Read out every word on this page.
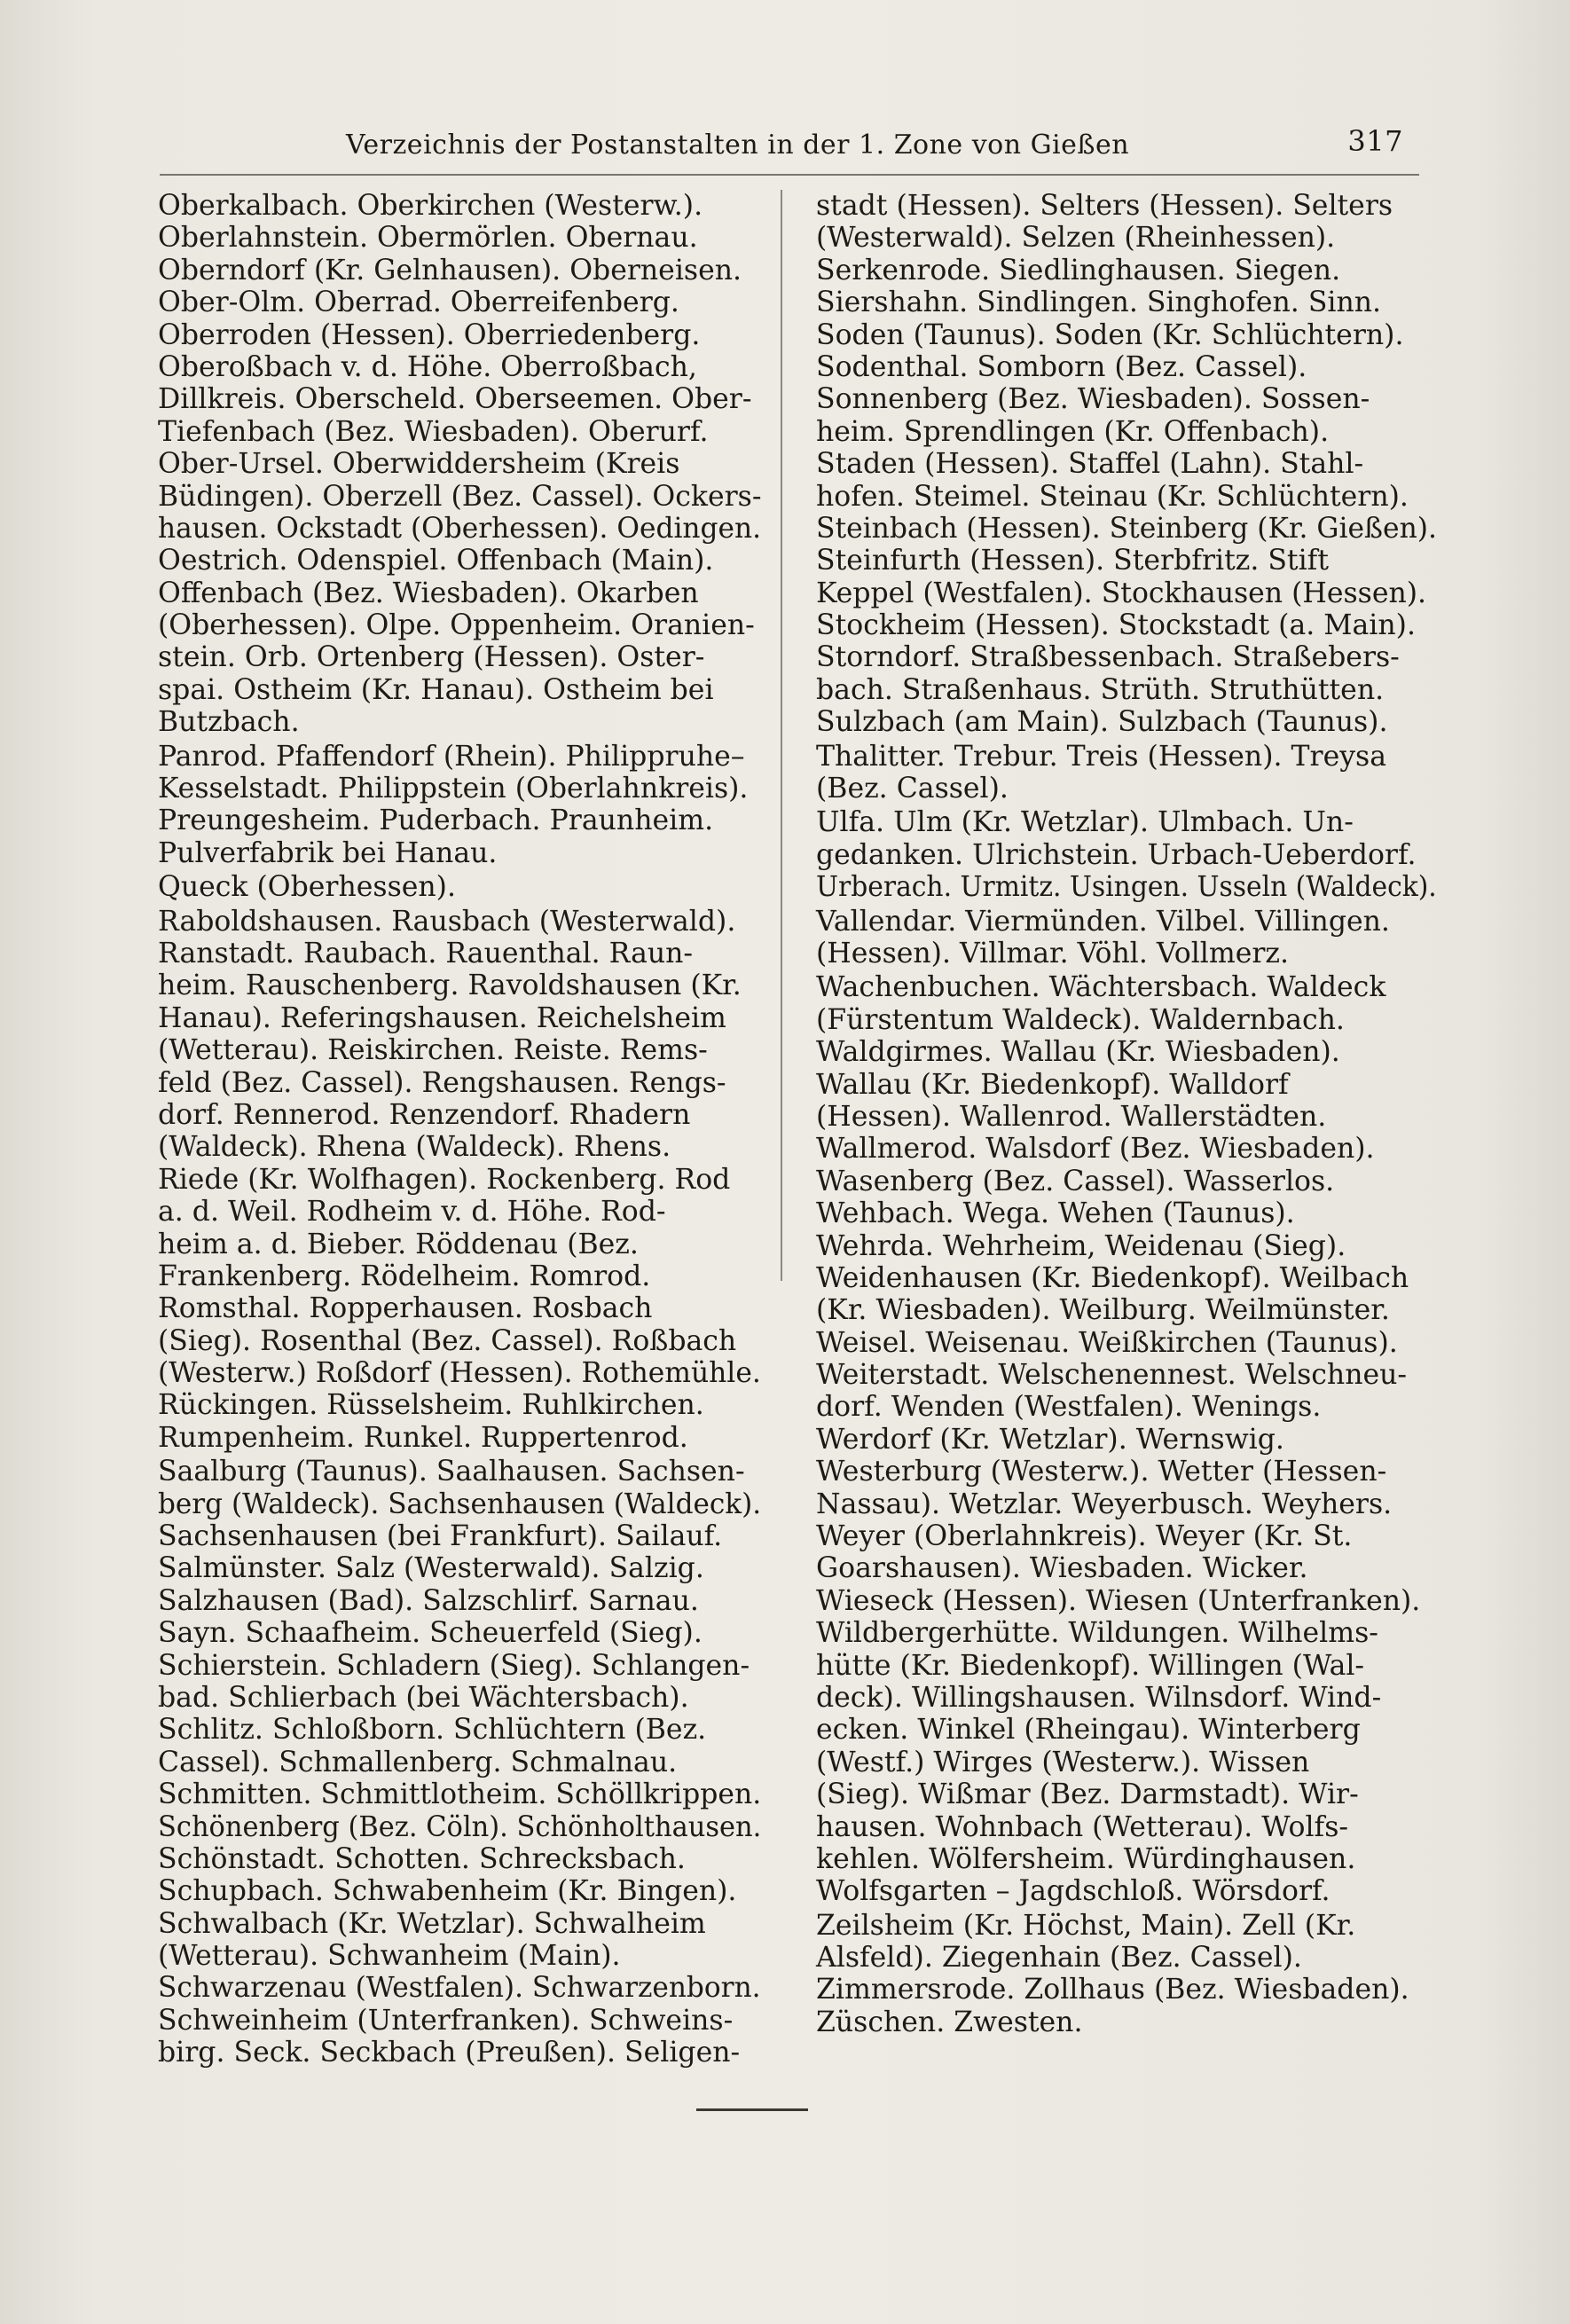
Verzeichnis der Postanstalten in der 1. Zone von Gießen	317
Oberkalbach. Oberkirchen (Westerw.).
Oberlahnstein. Obermörlen. Obernau.
Oberndorf (Kr. Gelnhausen). Oberneisen.
Ober-Olm. Oberrad. Oberreifenberg.
Oberroden (Hessen). Oberriedenberg.
Oberoßbach v. d. Höhe. Oberroßbach,
Dillkreis. Oberscheld. Oberseemen. Ober-
Tiefenbach (Bez. Wiesbaden). Oberurf.
Ober-Ursel. Oberwiddersheim (Kreis
Büdingen). Oberzell (Bez. Cassel). Ockers-
hausen. Ockstadt (Oberhessen). Oedingen.
Oestrich. Odenspiel. Offenbach (Main).
Offenbach (Bez. Wiesbaden). Okarben
(Oberhessen). Olpe. Oppenheim. Oranien-
stein. Orb. Ortenberg (Hessen). Oster-
spai. Ostheim (Kr. Hanau). Ostheim bei
Butzbach.
Panrod. Pfaffendorf (Rhein). Philippruhe–
Kesselstadt. Philippstein (Oberlahnkreis).
Preungesheim. Puderbach. Praunheim.
Pulverfabrik bei Hanau.
Queck (Oberhessen).
Raboldshausen. Rausbach (Westerwald).
Ranstadt. Raubach. Rauenthal. Raun-
heim. Rauschenberg. Ravoldshausen (Kr.
Hanau). Referingshausen. Reichelsheim
(Wetterau). Reiskirchen. Reiste. Rems-
feld (Bez. Cassel). Rengshausen. Rengs-
dorf. Rennerod. Renzendorf. Rhadern
(Waldeck). Rhena (Waldeck). Rhens.
Riede (Kr. Wolfhagen). Rockenberg. Rod
a. d. Weil. Rodheim v. d. Höhe. Rod-
heim a. d. Bieber. Röddenau (Bez.
Frankenberg. Rödelheim. Romrod.
Romsthal. Ropperhausen. Rosbach
(Sieg). Rosenthal (Bez. Cassel). Roßbach
(Westerw.) Roßdorf (Hessen). Rothemühle.
Rückingen. Rüsselsheim. Ruhlkirchen.
Rumpenheim. Runkel. Ruppertenrod.
Saalburg (Taunus). Saalhausen. Sachsen-
berg (Waldeck). Sachsenhausen (Waldeck).
Sachsenhausen (bei Frankfurt). Sailauf.
Salmünster. Salz (Westerwald). Salzig.
Salzhausen (Bad). Salzschlirf. Sarnau.
Sayn. Schaafheim. Scheuerfeld (Sieg).
Schierstein. Schladern (Sieg). Schlangen-
bad. Schlierbach (bei Wächtersbach).
Schlitz. Schloßborn. Schlüchtern (Bez.
Cassel). Schmallenberg. Schmalnau.
Schmitten. Schmittlotheim. Schöllkrippen.
Schönenberg (Bez. Cöln). Schönholthausen.
Schönstadt. Schotten. Schrecksbach.
Schupbach. Schwabenheim (Kr. Bingen).
Schwalbach (Kr. Wetzlar). Schwalheim
(Wetterau). Schwanheim (Main).
Schwarzenau (Westfalen). Schwarzenborn.
Schweinheim (Unterfranken). Schweins-
birg. Seck. Seckbach (Preußen). Seligen-
stadt (Hessen). Selters (Hessen). Selters
(Westerwald). Selzen (Rheinhessen).
Serkenrode. Siedlinghausen. Siegen.
Siershahn. Sindlingen. Singhofen. Sinn.
Soden (Taunus). Soden (Kr. Schlüchtern).
Sodenthal. Somborn (Bez. Cassel).
Sonnenberg (Bez. Wiesbaden). Sossen-
heim. Sprendlingen (Kr. Offenbach).
Staden (Hessen). Staffel (Lahn). Stahl-
hofen. Steimel. Steinau (Kr. Schlüchtern).
Steinbach (Hessen). Steinberg (Kr. Gießen).
Steinfurth (Hessen). Sterbfritz. Stift
Keppel (Westfalen). Stockhausen (Hessen).
Stockheim (Hessen). Stockstadt (a. Main).
Storndorf. Straßbessenbach. Straßebers-
bach. Straßenhaus. Strüth. Struthütten.
Sulzbach (am Main). Sulzbach (Taunus).
Thalitter. Trebur. Treis (Hessen). Treysa
(Bez. Cassel).
Ulfa. Ulm (Kr. Wetzlar). Ulmbach. Un-
gedanken. Ulrichstein. Urbach-Ueberdorf.
Urberach. Urmitz. Usingen. Usseln (Waldeck).
Vallendar. Viermünden. Vilbel. Villingen.
(Hessen). Villmar. Vöhl. Vollmerz.
Wachenbuchen. Wächtersbach. Waldeck
(Fürstentum Waldeck). Waldernbach.
Waldgirmes. Wallau (Kr. Wiesbaden).
Wallau (Kr. Biedenkopf). Walldorf
(Hessen). Wallenrod. Wallerstädten.
Wallmerod. Walsdorf (Bez. Wiesbaden).
Wasenberg (Bez. Cassel). Wasserlos.
Wehbach. Wega. Wehen (Taunus).
Wehrda. Wehrheim, Weidenau (Sieg).
Weidenhausen (Kr. Biedenkopf). Weilbach
(Kr. Wiesbaden). Weilburg. Weilmünster.
Weisel. Weisenau. Weißkirchen (Taunus).
Weiterstadt. Welschenennest. Welschneu-
dorf. Wenden (Westfalen). Wenings.
Werdorf (Kr. Wetzlar). Wernswig.
Westerburg (Westerw.). Wetter (Hessen-
Nassau). Wetzlar. Weyerbusch. Weyhers.
Weyer (Oberlahnkreis). Weyer (Kr. St.
Goarshausen). Wiesbaden. Wicker.
Wieseck (Hessen). Wiesen (Unterfranken).
Wildbergerhütte. Wildungen. Wilhelms-
hütte (Kr. Biedenkopf). Willingen (Wal-
deck). Willingshausen. Wilnsdorf. Wind-
ecken. Winkel (Rheingau). Winterberg
(Westf.) Wirges (Westerw.). Wissen
(Sieg). Wißmar (Bez. Darmstadt). Wir-
hausen. Wohnbach (Wetterau). Wolfs-
kehlen. Wölfersheim. Würdinghausen.
Wolfsgarten – Jagdschloß. Wörsdorf.
Zeilsheim (Kr. Höchst, Main). Zell (Kr.
Alsfeld). Ziegenhain (Bez. Cassel).
Zimmersrode. Zollhaus (Bez. Wiesbaden).
Züschen. Zwesten.
